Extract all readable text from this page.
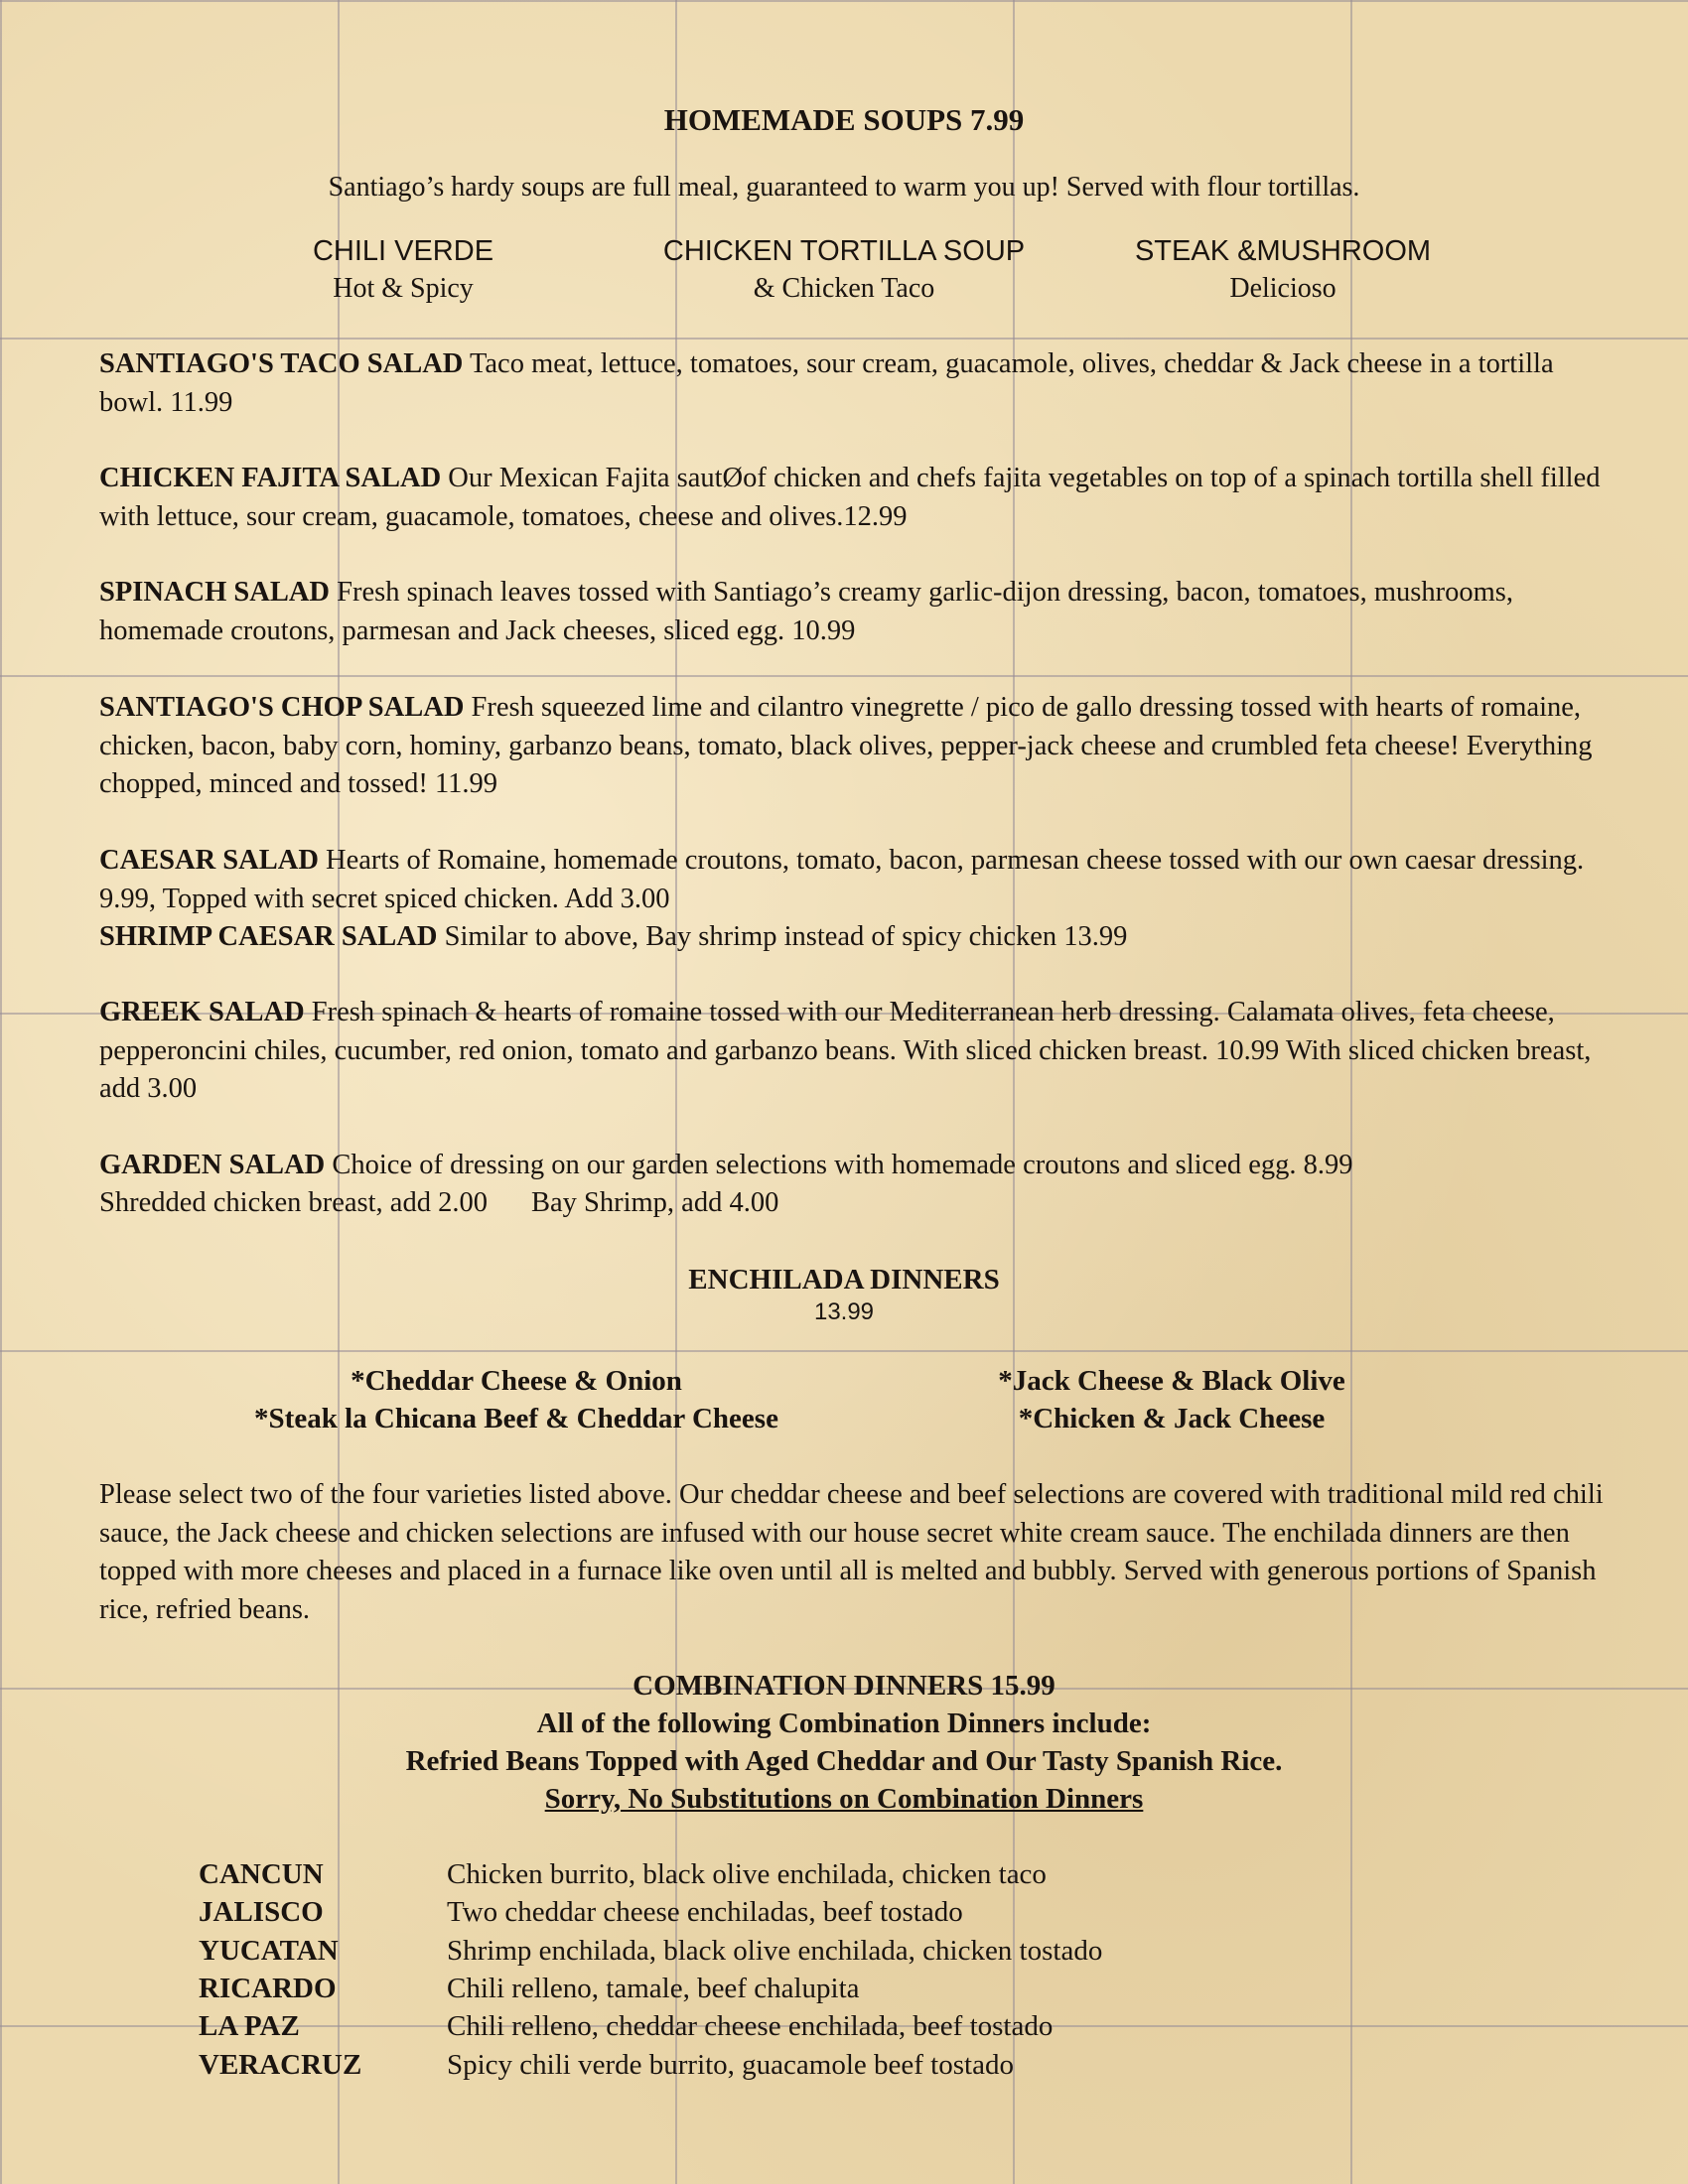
HOMEMADE SOUPS 7.99
Santiago’s hardy soups are full meal, guaranteed to warm you up! Served with flour tortillas.
CHILI VERDE
Hot & Spicy
CHICKEN TORTILLA SOUP
& Chicken Taco
STEAK &MUSHROOM
Delicioso
SANTIAGO'S TACO SALAD Taco meat, lettuce, tomatoes, sour cream, guacamole, olives, cheddar & Jack cheese in a tortilla bowl. 11.99
CHICKEN FAJITA SALAD Our Mexican Fajita sautØof chicken and chefs fajita vegetables on top of a spinach tortilla shell filled with lettuce, sour cream, guacamole, tomatoes, cheese and olives.12.99
SPINACH SALAD Fresh spinach leaves tossed with Santiago’s creamy garlic-dijon dressing, bacon, tomatoes, mushrooms, homemade croutons, parmesan and Jack cheeses, sliced egg. 10.99
SANTIAGO'S CHOP SALAD Fresh squeezed lime and cilantro vinegrette / pico de gallo dressing tossed with hearts of romaine, chicken, bacon, baby corn, hominy, garbanzo beans, tomato, black olives, pepper-jack cheese and crumbled feta cheese! Everything chopped, minced and tossed! 11.99
CAESAR SALAD Hearts of Romaine, homemade croutons, tomato, bacon, parmesan cheese tossed with our own caesar dressing. 9.99, Topped with secret spiced chicken. Add 3.00
SHRIMP CAESAR SALAD Similar to above, Bay shrimp instead of spicy chicken 13.99
GREEK SALAD Fresh spinach & hearts of romaine tossed with our Mediterranean herb dressing. Calamata olives, feta cheese, pepperoncini chiles, cucumber, red onion, tomato and garbanzo beans. With sliced chicken breast. 10.99 With sliced chicken breast, add 3.00
GARDEN SALAD Choice of dressing on our garden selections with homemade croutons and sliced egg. 8.99
Shredded chicken breast, add 2.00 Bay Shrimp, add 4.00
ENCHILADA DINNERS
13.99
*Cheddar Cheese & Onion	*Jack Cheese & Black Olive
*Steak la Chicana Beef & Cheddar Cheese	*Chicken & Jack Cheese
Please select two of the four varieties listed above. Our cheddar cheese and beef selections are covered with traditional mild red chili sauce, the Jack cheese and chicken selections are infused with our house secret white cream sauce. The enchilada dinners are then topped with more cheeses and placed in a furnace like oven until all is melted and bubbly. Served with generous portions of Spanish rice, refried beans.
COMBINATION DINNERS 15.99
All of the following Combination Dinners include:
Refried Beans Topped with Aged Cheddar and Our Tasty Spanish Rice.
Sorry, No Substitutions on Combination Dinners
CANCUN	Chicken burrito, black olive enchilada, chicken taco
JALISCO	Two cheddar cheese enchiladas, beef tostado
YUCATAN	Shrimp enchilada, black olive enchilada, chicken tostado
RICARDO	Chili relleno, tamale, beef chalupita
LA PAZ	Chili relleno, cheddar cheese enchilada, beef tostado
VERACRUZ	Spicy chili verde burrito, guacamole beef tostado
